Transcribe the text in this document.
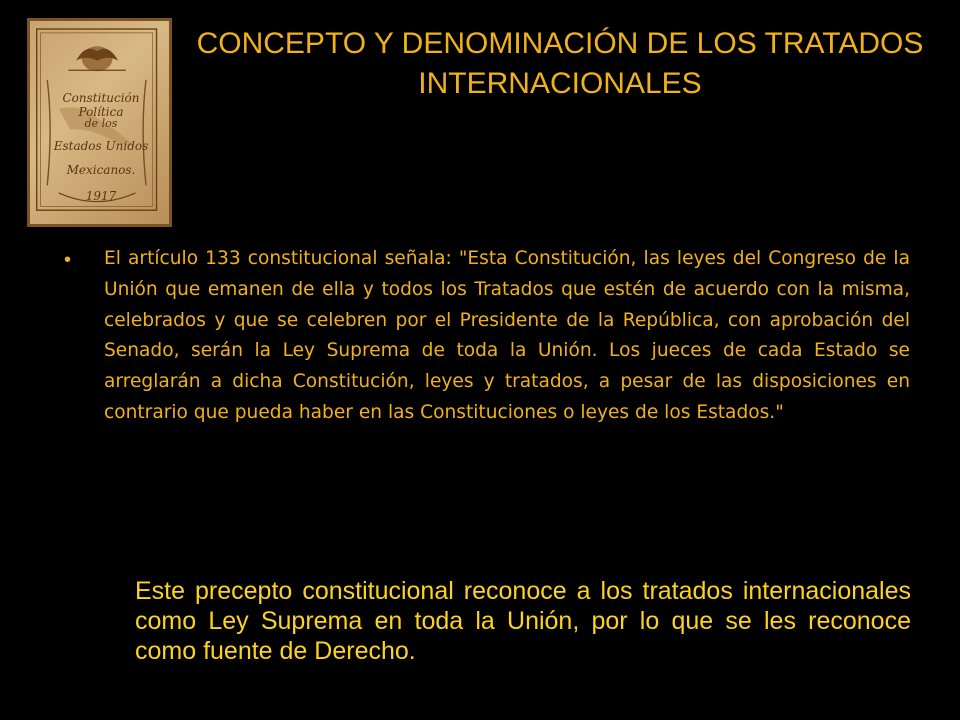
Constitución Política
de los
Estados Unidos
Mexicanos.
1917
CONCEPTO Y DENOMINACIÓN DE LOS TRATADOS INTERNACIONALES
• El artículo 133 constitucional señala: "Esta Constitución, las leyes del Congreso de la Unión que emanen de ella y todos los Tratados que estén de acuerdo con la misma, celebrados y que se celebren por el Presidente de la República, con aprobación del Senado, serán la Ley Suprema de toda la Unión. Los jueces de cada Estado se arreglarán a dicha Constitución, leyes y tratados, a pesar de las disposiciones en contrario que pueda haber en las Constituciones o leyes de los Estados."

Este precepto constitucional reconoce a los tratados internacionales como Ley Suprema en toda la Unión, por lo que se les reconoce como fuente de Derecho.
